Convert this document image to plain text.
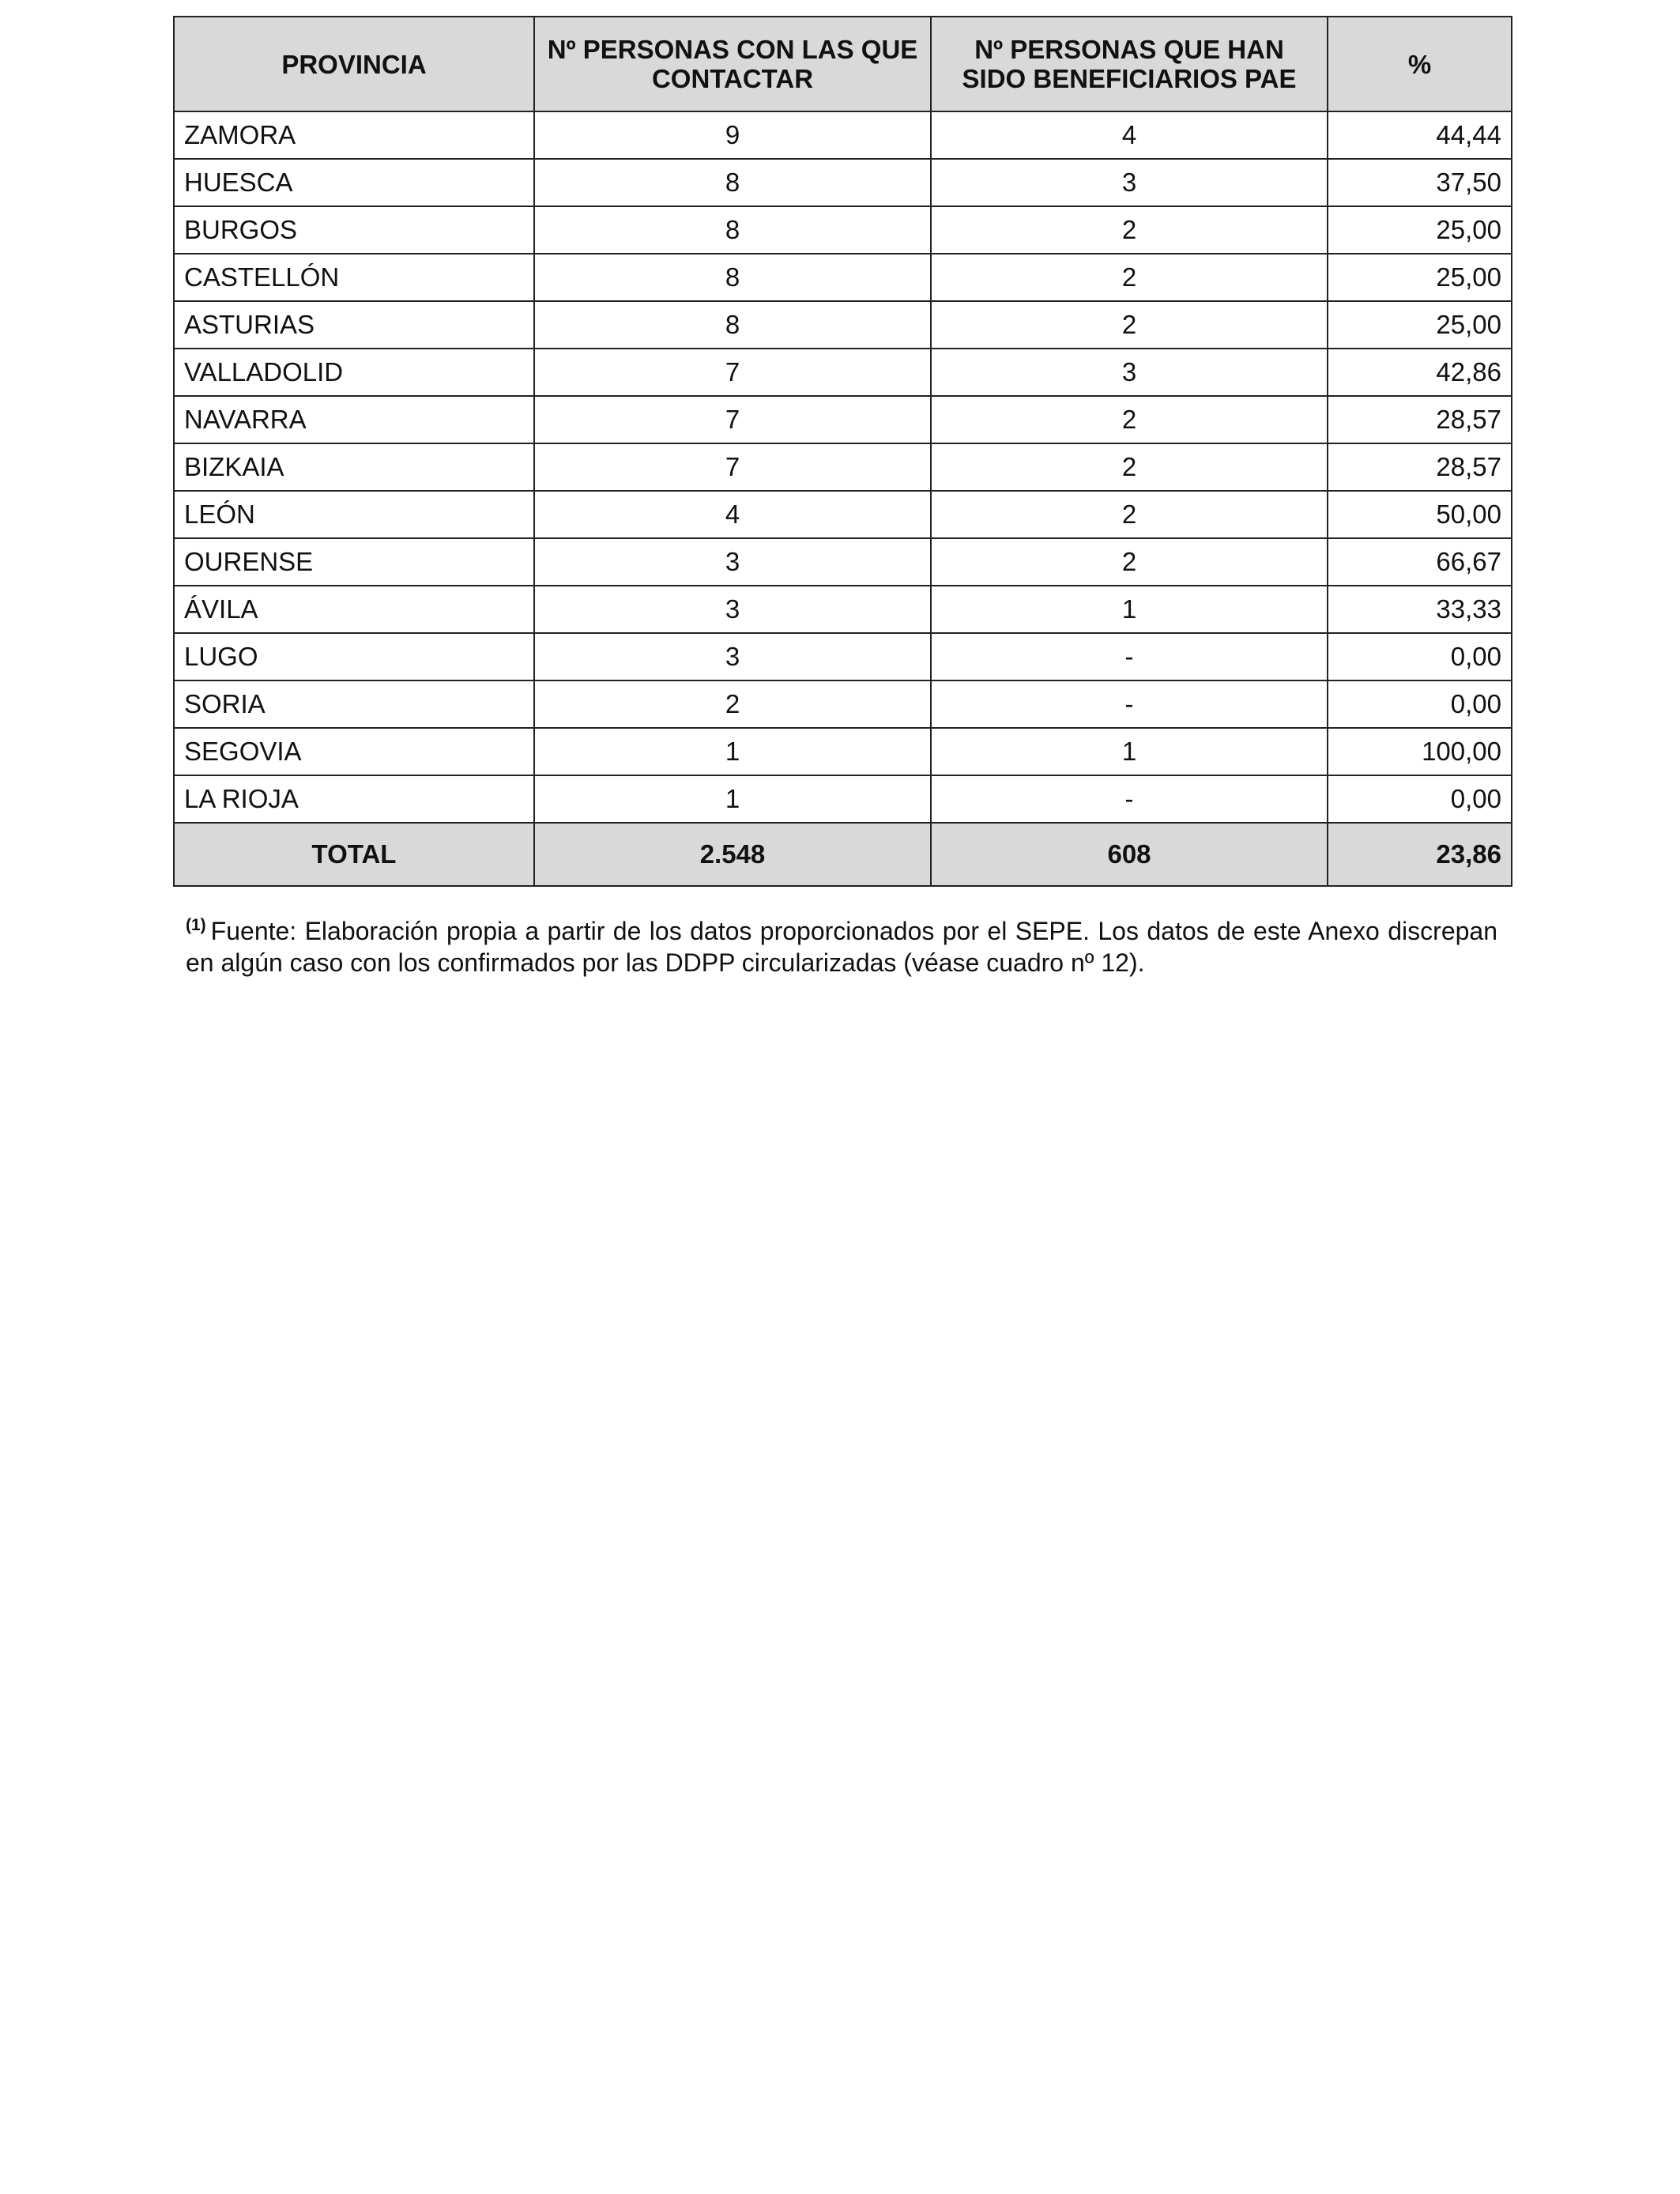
PROVINCIA	Nº PERSONAS CON LAS QUE CONTACTAR	Nº PERSONAS QUE HAN SIDO BENEFICIARIOS PAE	%
ZAMORA	9	4	44,44
HUESCA	8	3	37,50
BURGOS	8	2	25,00
CASTELLÓN	8	2	25,00
ASTURIAS	8	2	25,00
VALLADOLID	7	3	42,86
NAVARRA	7	2	28,57
BIZKAIA	7	2	28,57
LEÓN	4	2	50,00
OURENSE	3	2	66,67
ÁVILA	3	1	33,33
LUGO	3	-	0,00
SORIA	2	-	0,00
SEGOVIA	1	1	100,00
LA RIOJA	1	-	0,00
TOTAL	2.548	608	23,86
$^{(1)}$ Fuente: Elaboración propia a partir de los datos proporcionados por el SEPE. Los datos de este Anexo discrepan en algún caso con los confirmados por las DDPP circularizadas (véase cuadro nº 12).
